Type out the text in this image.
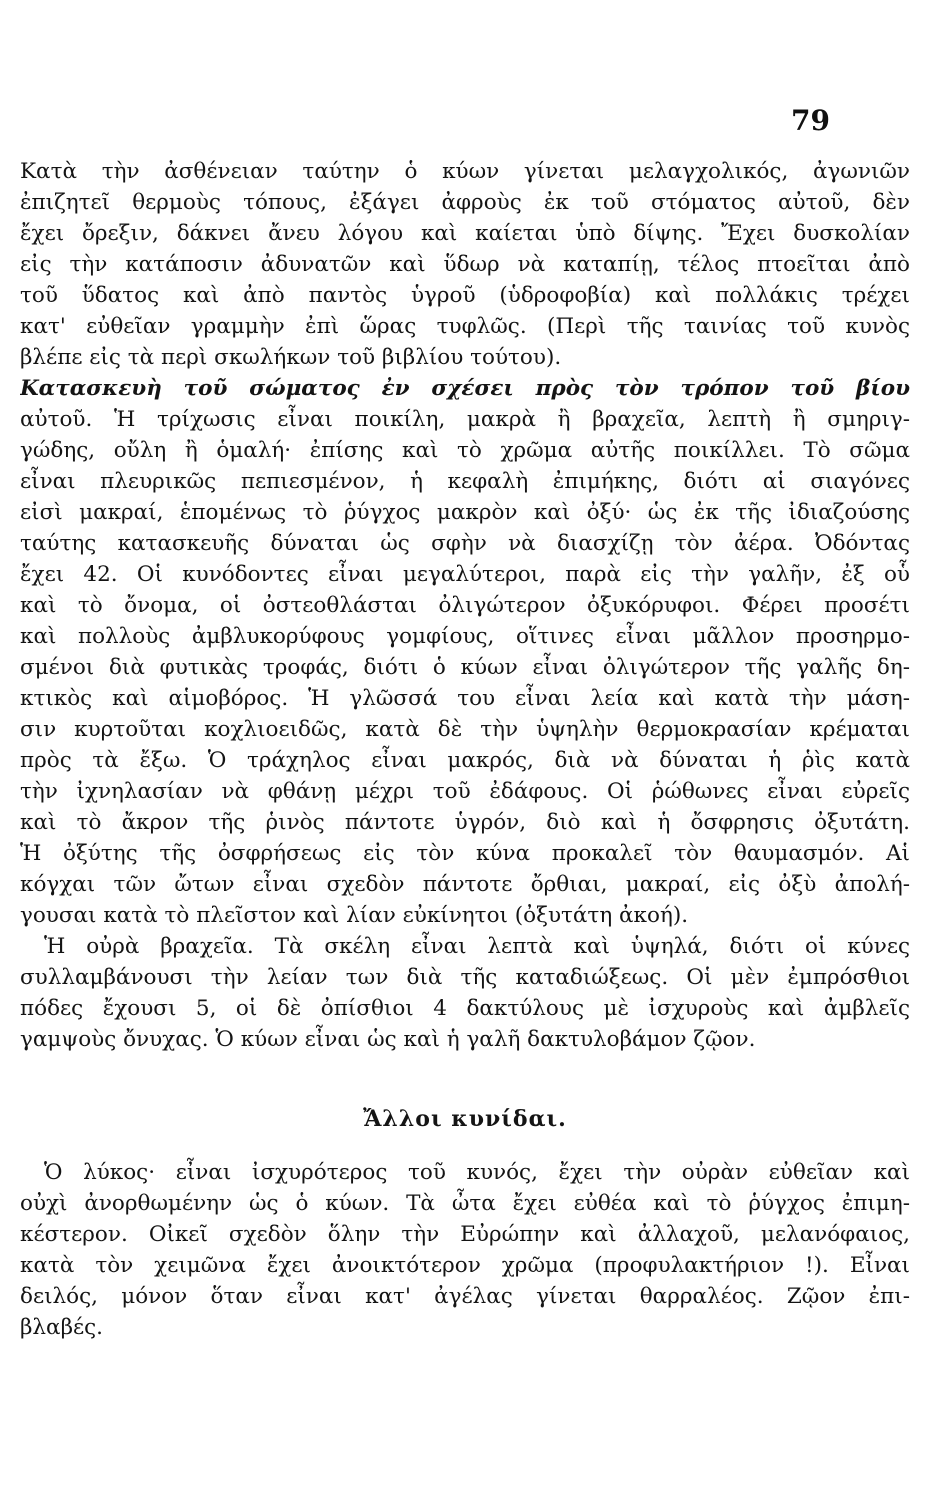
79
Κατὰ τὴν ἀσθένειαν ταύτην ὁ κύων γίνεται μελαγχολικός, ἀγωνιῶν
ἐπιζητεῖ θερμοὺς τόπους, ἐξάγει ἀφροὺς ἐκ τοῦ στόματος αὐτοῦ, δὲν
ἔχει ὄρεξιν, δάκνει ἄνευ λόγου καὶ καίεται ὑπὸ δίψης. Ἔχει δυσκολίαν
εἰς τὴν κατάποσιν ἀδυνατῶν καὶ ὕδωρ νὰ καταπίῃ, τέλος πτοεῖται ἀπὸ
τοῦ ὕδατος καὶ ἀπὸ παντὸς ὑγροῦ (ὑδροφοβία) καὶ πολλάκις τρέχει
κατ' εὐθεῖαν γραμμὴν ἐπὶ ὥρας τυφλῶς. (Περὶ τῆς ταινίας τοῦ κυνὸς
βλέπε εἰς τὰ περὶ σκωλήκων τοῦ βιβλίου τούτου).
Κατασκευὴ τοῦ σώματος ἐν σχέσει πρὸς τὸν τρόπον τοῦ βίου
αὐτοῦ. Ἡ τρίχωσις εἶναι ποικίλη, μακρὰ ἢ βραχεῖα, λεπτὴ ἢ σμηριγ-
γώδης, οὔλη ἢ ὁμαλή· ἐπίσης καὶ τὸ χρῶμα αὐτῆς ποικίλλει. Τὸ σῶμα
εἶναι πλευρικῶς πεπιεσμένον, ἡ κεφαλὴ ἐπιμήκης, διότι αἱ σιαγόνες
εἰσὶ μακραί, ἑπομένως τὸ ῥύγχος μακρὸν καὶ ὀξύ· ὡς ἐκ τῆς ἰδιαζούσης
ταύτης κατασκευῆς δύναται ὡς σφὴν νὰ διασχίζῃ τὸν ἀέρα. Ὀδόντας
ἔχει 42. Οἱ κυνόδοντες εἶναι μεγαλύτεροι, παρὰ εἰς τὴν γαλῆν, ἐξ οὗ
καὶ τὸ ὄνομα, οἱ ὀστεοθλάσται ὀλιγώτερον ὀξυκόρυφοι. Φέρει προσέτι
καὶ πολλοὺς ἀμβλυκορύφους γομφίους, οἵτινες εἶναι μᾶλλον προσηρμο-
σμένοι διὰ φυτικὰς τροφάς, διότι ὁ κύων εἶναι ὀλιγώτερον τῆς γαλῆς δη-
κτικὸς καὶ αἱμοβόρος. Ἡ γλῶσσά του εἶναι λεία καὶ κατὰ τὴν μάση-
σιν κυρτοῦται κοχλιοειδῶς, κατὰ δὲ τὴν ὑψηλὴν θερμοκρασίαν κρέμαται
πρὸς τὰ ἔξω. Ὁ τράχηλος εἶναι μακρός, διὰ νὰ δύναται ἡ ῥὶς κατὰ
τὴν ἰχνηλασίαν νὰ φθάνῃ μέχρι τοῦ ἐδάφους. Οἱ ῥώθωνες εἶναι εὐρεῖς
καὶ τὸ ἄκρον τῆς ῥινὸς πάντοτε ὑγρόν, διὸ καὶ ἡ ὄσφρησις ὀξυτάτη.
Ἡ ὀξύτης τῆς ὀσφρήσεως εἰς τὸν κύνα προκαλεῖ τὸν θαυμασμόν. Αἱ
κόγχαι τῶν ὤτων εἶναι σχεδὸν πάντοτε ὄρθιαι, μακραί, εἰς ὀξὺ ἀπολή-
γουσαι κατὰ τὸ πλεῖστον καὶ λίαν εὐκίνητοι (ὀξυτάτη ἀκοή).
Ἡ οὐρὰ βραχεῖα. Τὰ σκέλη εἶναι λεπτὰ καὶ ὑψηλά, διότι οἱ κύνες
συλλαμβάνουσι τὴν λείαν των διὰ τῆς καταδιώξεως. Οἱ μὲν ἐμπρόσθιοι
πόδες ἔχουσι 5, οἱ δὲ ὀπίσθιοι 4 δακτύλους μὲ ἰσχυροὺς καὶ ἀμβλεῖς
γαμψοὺς ὄνυχας. Ὁ κύων εἶναι ὡς καὶ ἡ γαλῆ δακτυλοβάμον ζῷον.
Ἄλλοι κυνίδαι.
Ὁ λύκος· εἶναι ἰσχυρότερος τοῦ κυνός, ἔχει τὴν οὐρὰν εὐθεῖαν καὶ
οὐχὶ ἀνορθωμένην ὡς ὁ κύων. Τὰ ὦτα ἔχει εὐθέα καὶ τὸ ῥύγχος ἐπιμη-
κέστερον. Οἰκεῖ σχεδὸν ὅλην τὴν Εὐρώπην καὶ ἀλλαχοῦ, μελανόφαιος,
κατὰ τὸν χειμῶνα ἔχει ἀνοικτότερον χρῶμα (προφυλακτήριον !). Εἶναι
δειλός, μόνον ὅταν εἶναι κατ' ἀγέλας γίνεται θαρραλέος. Ζῷον ἐπι-
βλαβές.
